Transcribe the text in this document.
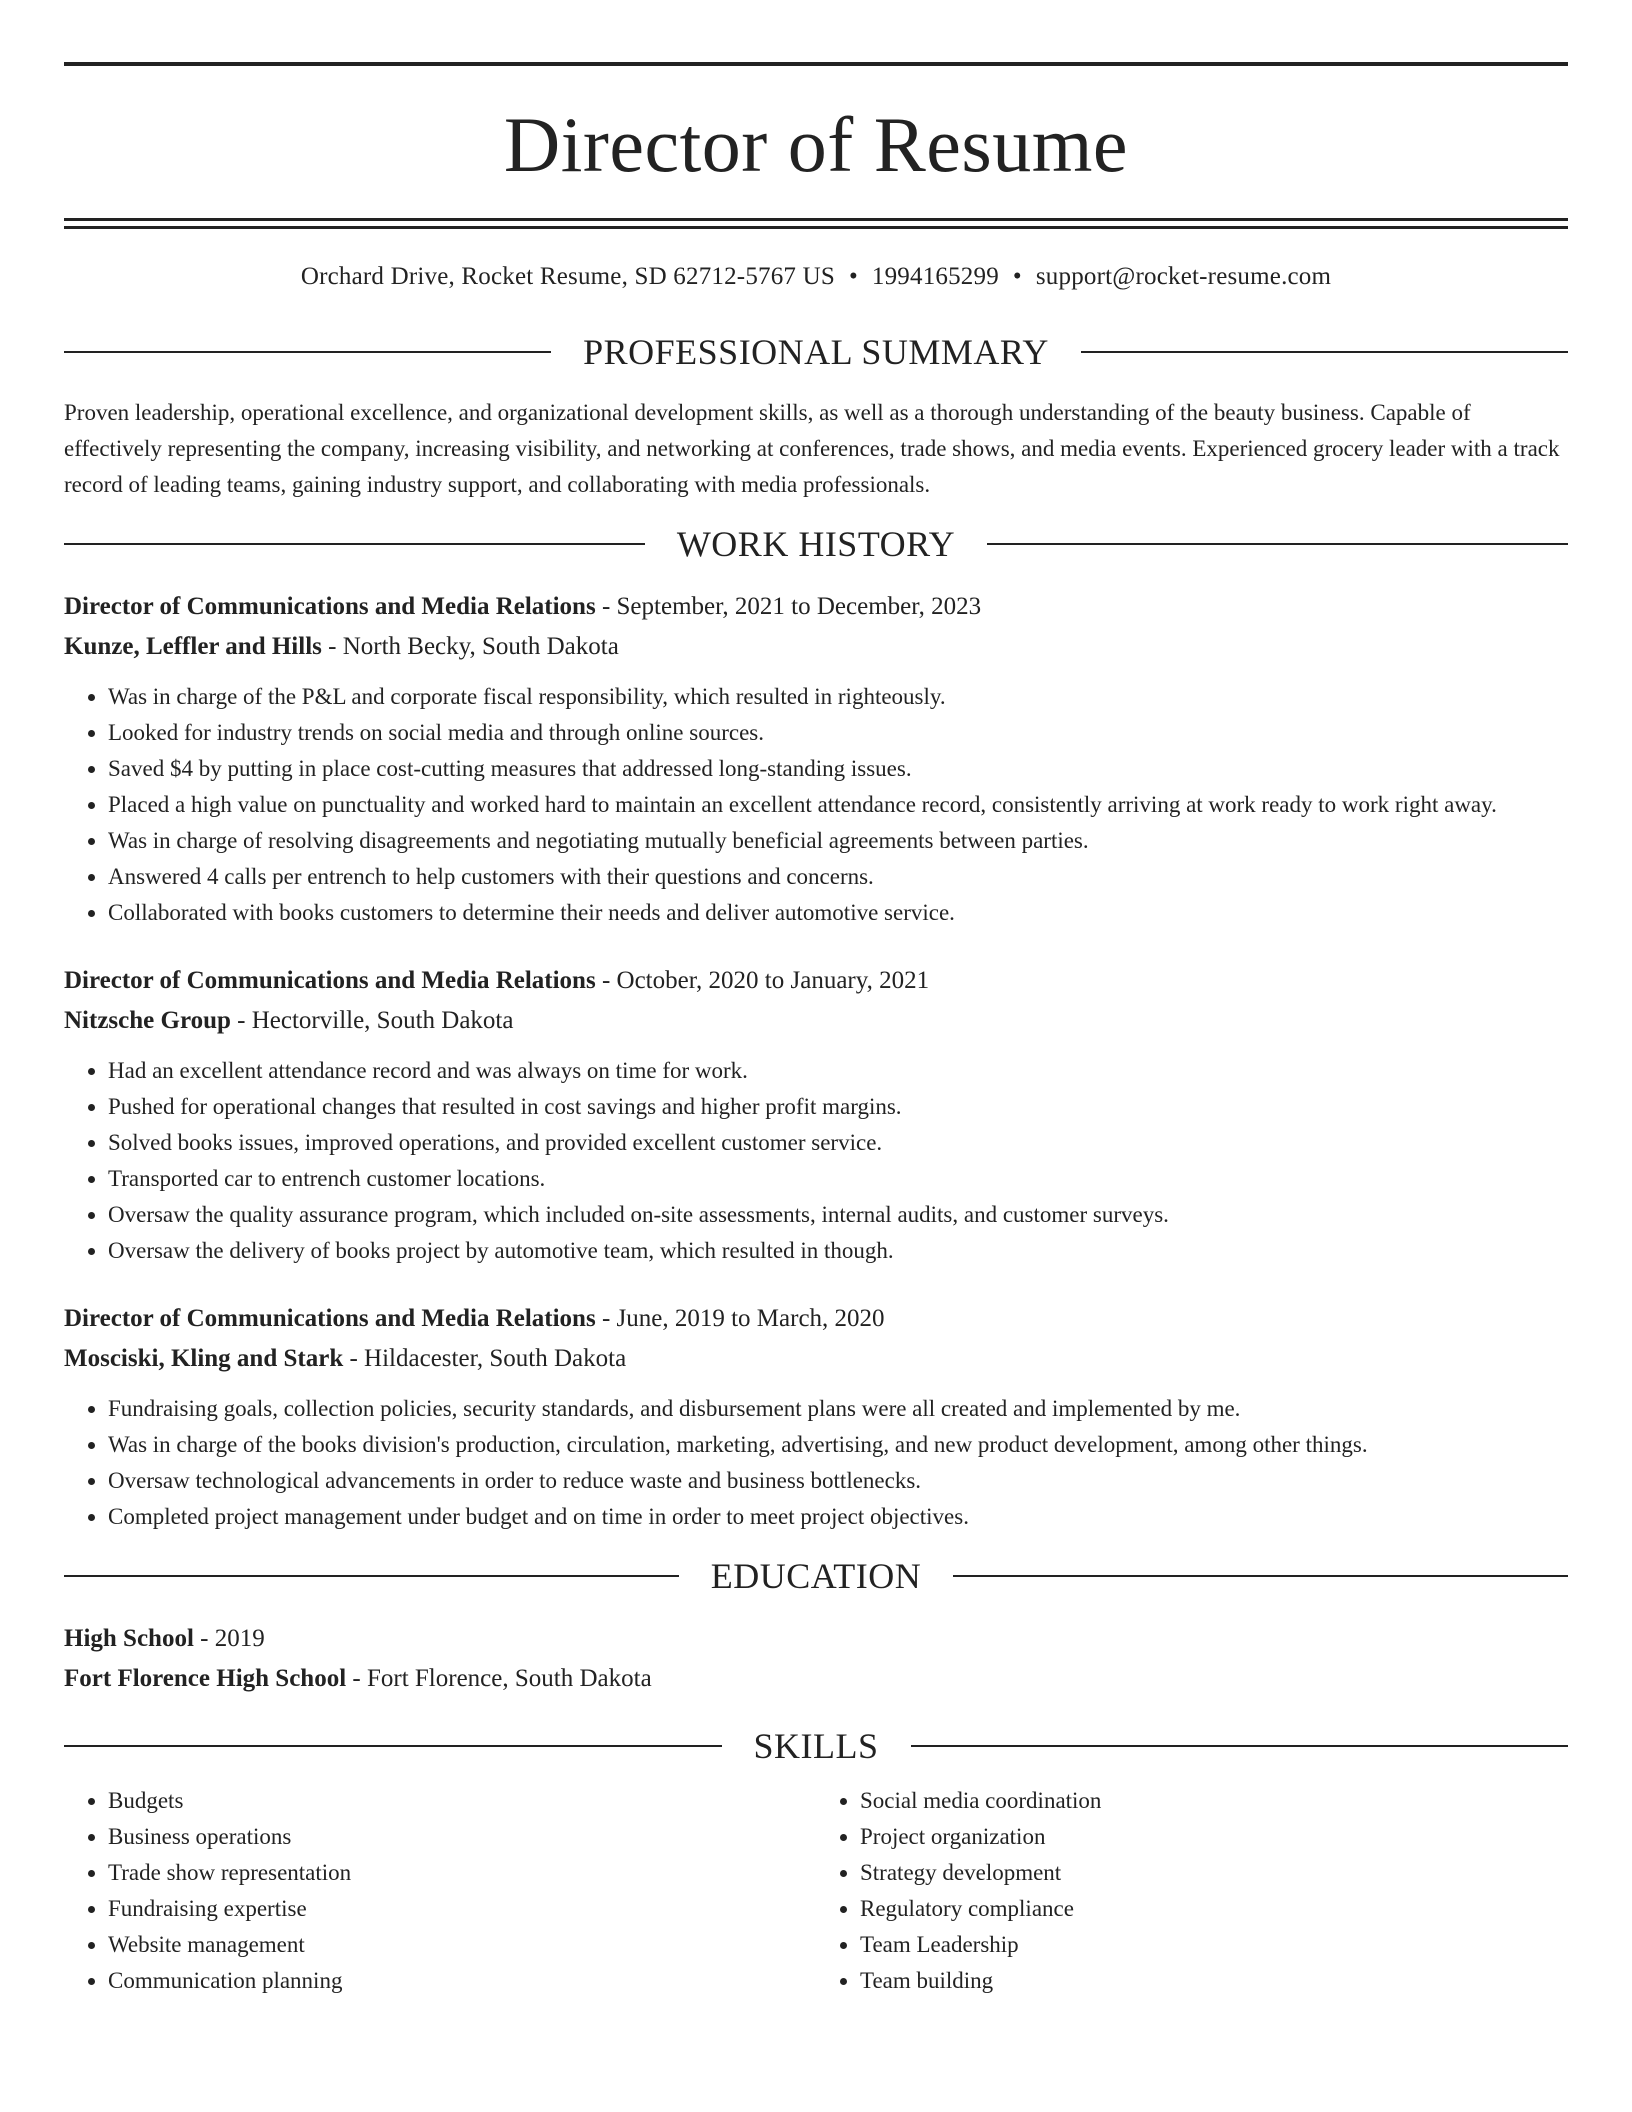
Director of Resume
Orchard Drive, Rocket Resume, SD 62712-5767 US • 1994165299 • support@rocket-resume.com
PROFESSIONAL SUMMARY

Proven leadership, operational excellence, and organizational development skills, as well as a thorough understanding of the beauty business. Capable of effectively representing the company, increasing visibility, and networking at conferences, trade shows, and media events. Experienced grocery leader with a track record of leading teams, gaining industry support, and collaborating with media professionals.

WORK HISTORY
Director of Communications and Media Relations - September, 2021 to December, 2023
Kunze, Leffler and Hills - North Becky, South Dakota
• Was in charge of the P&L and corporate fiscal responsibility, which resulted in righteously.
• Looked for industry trends on social media and through online sources.
• Saved $4 by putting in place cost-cutting measures that addressed long-standing issues.
• Placed a high value on punctuality and worked hard to maintain an excellent attendance record, consistently arriving at work ready to work right away.
• Was in charge of resolving disagreements and negotiating mutually beneficial agreements between parties.
• Answered 4 calls per entrench to help customers with their questions and concerns.
• Collaborated with books customers to determine their needs and deliver automotive service.
Director of Communications and Media Relations - October, 2020 to January, 2021
Nitzsche Group - Hectorville, South Dakota
• Had an excellent attendance record and was always on time for work.
• Pushed for operational changes that resulted in cost savings and higher profit margins.
• Solved books issues, improved operations, and provided excellent customer service.
• Transported car to entrench customer locations.
• Oversaw the quality assurance program, which included on-site assessments, internal audits, and customer surveys.
• Oversaw the delivery of books project by automotive team, which resulted in though.
Director of Communications and Media Relations - June, 2019 to March, 2020
Mosciski, Kling and Stark - Hildacester, South Dakota
• Fundraising goals, collection policies, security standards, and disbursement plans were all created and implemented by me.
• Was in charge of the books division's production, circulation, marketing, advertising, and new product development, among other things.
• Oversaw technological advancements in order to reduce waste and business bottlenecks.
• Completed project management under budget and on time in order to meet project objectives.
EDUCATION
High School - 2019
Fort Florence High School - Fort Florence, South Dakota
SKILLS
• Budgets
• Business operations
• Trade show representation
• Fundraising expertise
• Website management
• Communication planning
• Social media coordination
• Project organization
• Strategy development
• Regulatory compliance
• Team Leadership
• Team building
